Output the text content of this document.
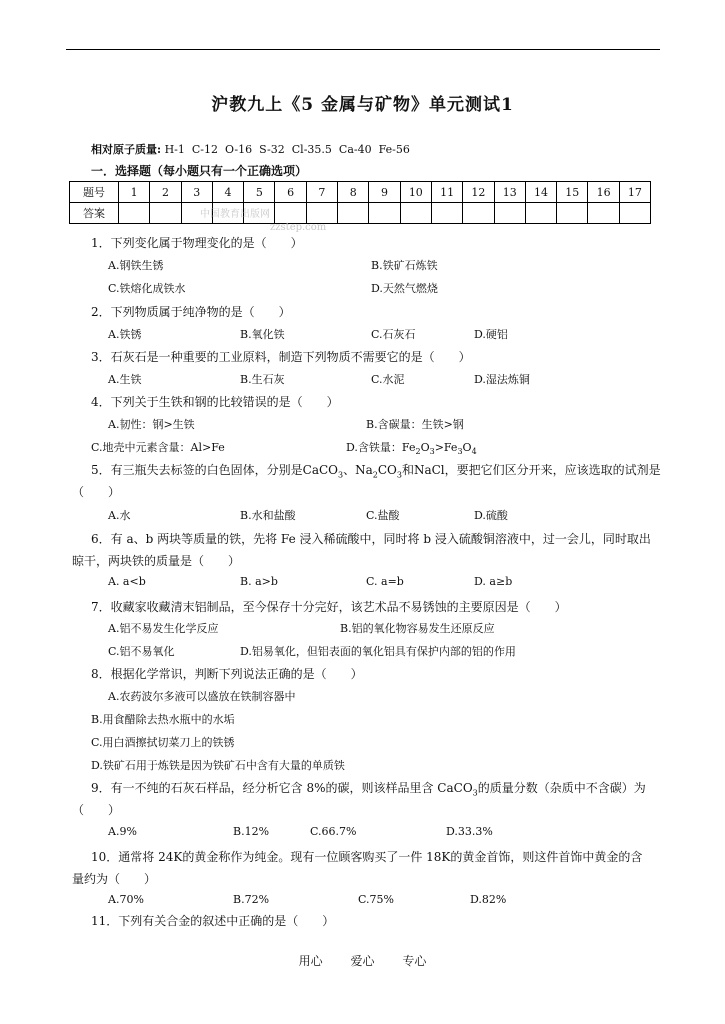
沪教九上《5 金属与矿物》单元测试1
相对原子质量: H-1  C-12  O-16  S-32  Cl-35.5  Ca-40  Fe-56
一．选择题（每小题只有一个正确选项）
题号	1	2	3	4	5	6	7	8	9	10	11	12	13	14	15	16	17
答案																		中国教育出版网
zzstep.com
1．下列变化属于物理变化的是（　　）
A.钢铁生锈	B.铁矿石炼铁
C.铁熔化成铁水	D.天然气燃烧
2．下列物质属于纯净物的是（　　）
A.铁锈	B.氧化铁	C.石灰石	D.硬铝
3．石灰石是一种重要的工业原料，制造下列物质不需要它的是（　　）
A.生铁	B.生石灰	C.水泥	D.湿法炼铜
4．下列关于生铁和钢的比较错误的是（　　）
A.韧性：钢>生铁	B.含碳量：生铁>钢
C.地壳中元素含量：Al>Fe	D.含铁量：$Fe_2O_3>Fe_3O_4$
5．有三瓶失去标签的白色固体，分别是CaCO$_3$、$Na_2CO_3$和NaCl，要把它们区分开来，应该选取的试剂是
（　　）
A.水	B.水和盐酸	C.盐酸	D.硫酸
6．有 a、b 两块等质量的铁，先将 Fe 浸入稀硫酸中，同时将 b 浸入硫酸铜溶液中，过一会儿，同时取出
晾干，两块铁的质量是（　　）
A. a<b	B. a>b	C. a=b	D. a≥b
7．收藏家收藏清末铝制品，至今保存十分完好，该艺术品不易锈蚀的主要原因是（　　）
A.铝不易发生化学反应	B.铝的氧化物容易发生还原反应
C.铝不易氧化	D.铝易氧化，但铝表面的氧化铝具有保护内部的铝的作用
8．根据化学常识，判断下列说法正确的是（　　）
A.农药波尔多液可以盛放在铁制容器中
B.用食醋除去热水瓶中的水垢
C.用白酒擦拭切菜刀上的铁锈
D.铁矿石用于炼铁是因为铁矿石中含有大量的单质铁
9．有一不纯的石灰石样品，经分析它含 8%的碳，则该样品里含 CaCO$_3$的质量分数（杂质中不含碳）为
（　　）
A.9%	B.12%	C.66.7%	D.33.3%
10．通常将 24K的黄金称作为纯金。现有一位顾客购买了一件 18K的黄金首饰，则这件首饰中黄金的含
量约为（　　）
A.70%	B.72%	C.75%	D.82%
11．下列有关合金的叙述中正确的是（　　）
用心 爱心 专心
